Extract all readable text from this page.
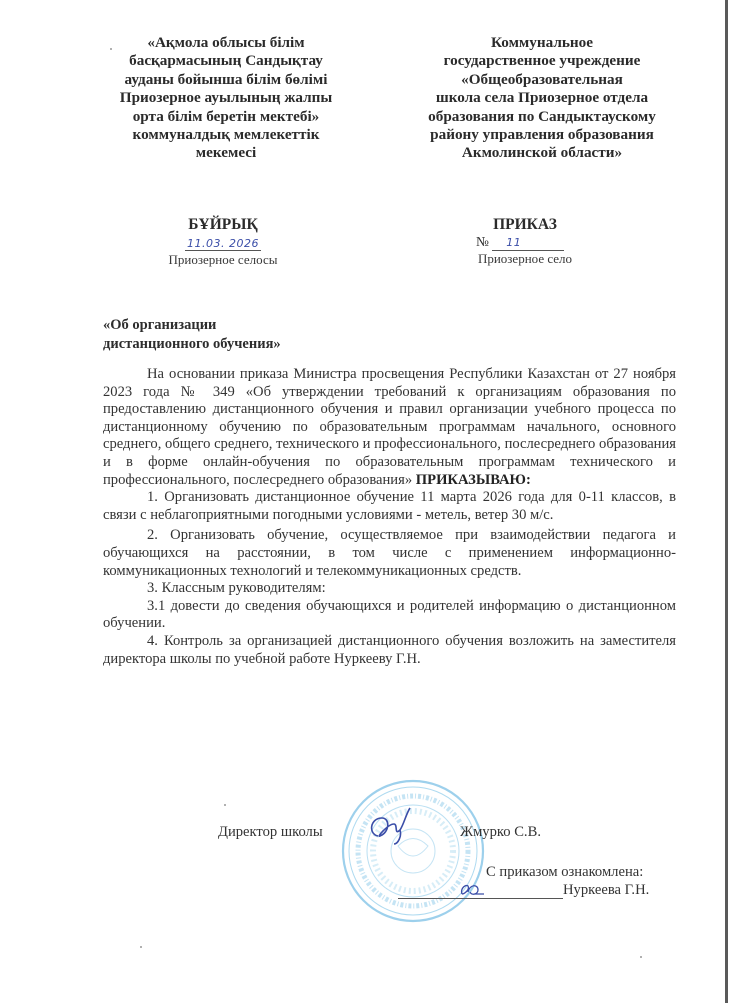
«Ақмола облысы білім
басқармасының Сандықтау
ауданы бойынша білім бөлімі
Приозерное ауылының жалпы
орта білім беретін мектебі»
коммуналдық мемлекеттік
мекемесі
Коммунальное
государственное учреждение
«Общеобразовательная
школа села Приозерное отдела
образования по Сандыктаускому
району управления образования
Акмолинской области»
БҰЙРЫҚ
11.03. 2026
Приозерное селосы
ПРИКАЗ
№ 11
Приозерное село
«Об организации
дистанционного обучения»

На основании приказа Министра просвещения Республики Казахстан от 27 ноября 2023 года № 349 «Об утверждении требований к организациям образования по предоставлению дистанционного обучения и правил организации учебного процесса по дистанционному обучению по образовательным программам начального, основного среднего, общего среднего, технического и профессионального, послесреднего образования и в форме онлайн-обучения по образовательным программам технического и профессионального, послесреднего образования» ПРИКАЗЫВАЮ:

1. Организовать дистанционное обучение 11 марта 2026 года для 0-11 классов, в связи с неблагоприятными погодными условиями - метель, ветер 30 м/с.

2. Организовать обучение, осуществляемое при взаимодействии педагога и обучающихся на расстоянии, в том числе с применением информационно-коммуникационных технологий и телекоммуникационных средств.

3. Классным руководителям:

3.1 довести до сведения обучающихся и родителей информацию о дистанционном обучении.

4. Контроль за организацией дистанционного обучения возложить на заместителя директора школы по учебной работе Нуркееву Г.Н.

Директор школы	Жмурко С.В.
С приказом ознакомлена:
Нуркеева Г.Н.
